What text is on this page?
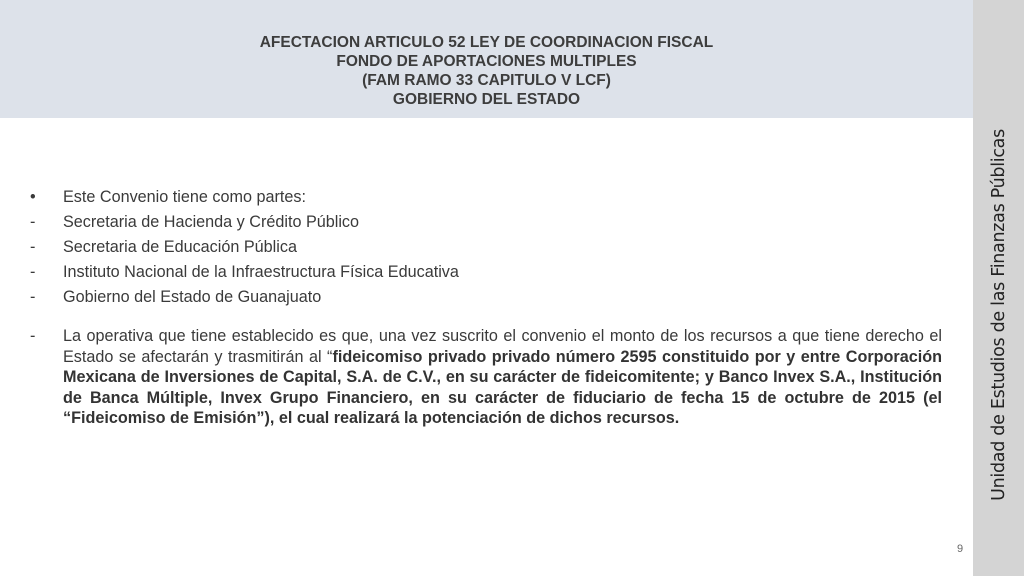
AFECTACION ARTICULO 52 LEY DE COORDINACION FISCAL
FONDO DE APORTACIONES MULTIPLES
(FAM RAMO 33 CAPITULO V LCF)
GOBIERNO DEL ESTADO
Unidad de Estudios de las Finanzas Públicas
•	Este Convenio tiene como partes:
-	Secretaria de Hacienda y Crédito Público
-	Secretaria de Educación Pública
-	Instituto Nacional de la Infraestructura Física Educativa
-	Gobierno del Estado de Guanajuato
-	La operativa que tiene establecido es que, una vez suscrito el convenio el monto de los recursos a que tiene derecho el Estado se afectarán y trasmitirán al “fideicomiso privado privado número 2595 constituido por y entre Corporación Mexicana de Inversiones de Capital, S.A. de C.V., en su carácter de fideicomitente; y Banco Invex S.A., Institución de Banca Múltiple, Invex Grupo Financiero, en su carácter de fiduciario de fecha 15 de octubre de 2015 (el “Fideicomiso de Emisión”), el cual realizará la potenciación de dichos recursos.
9
